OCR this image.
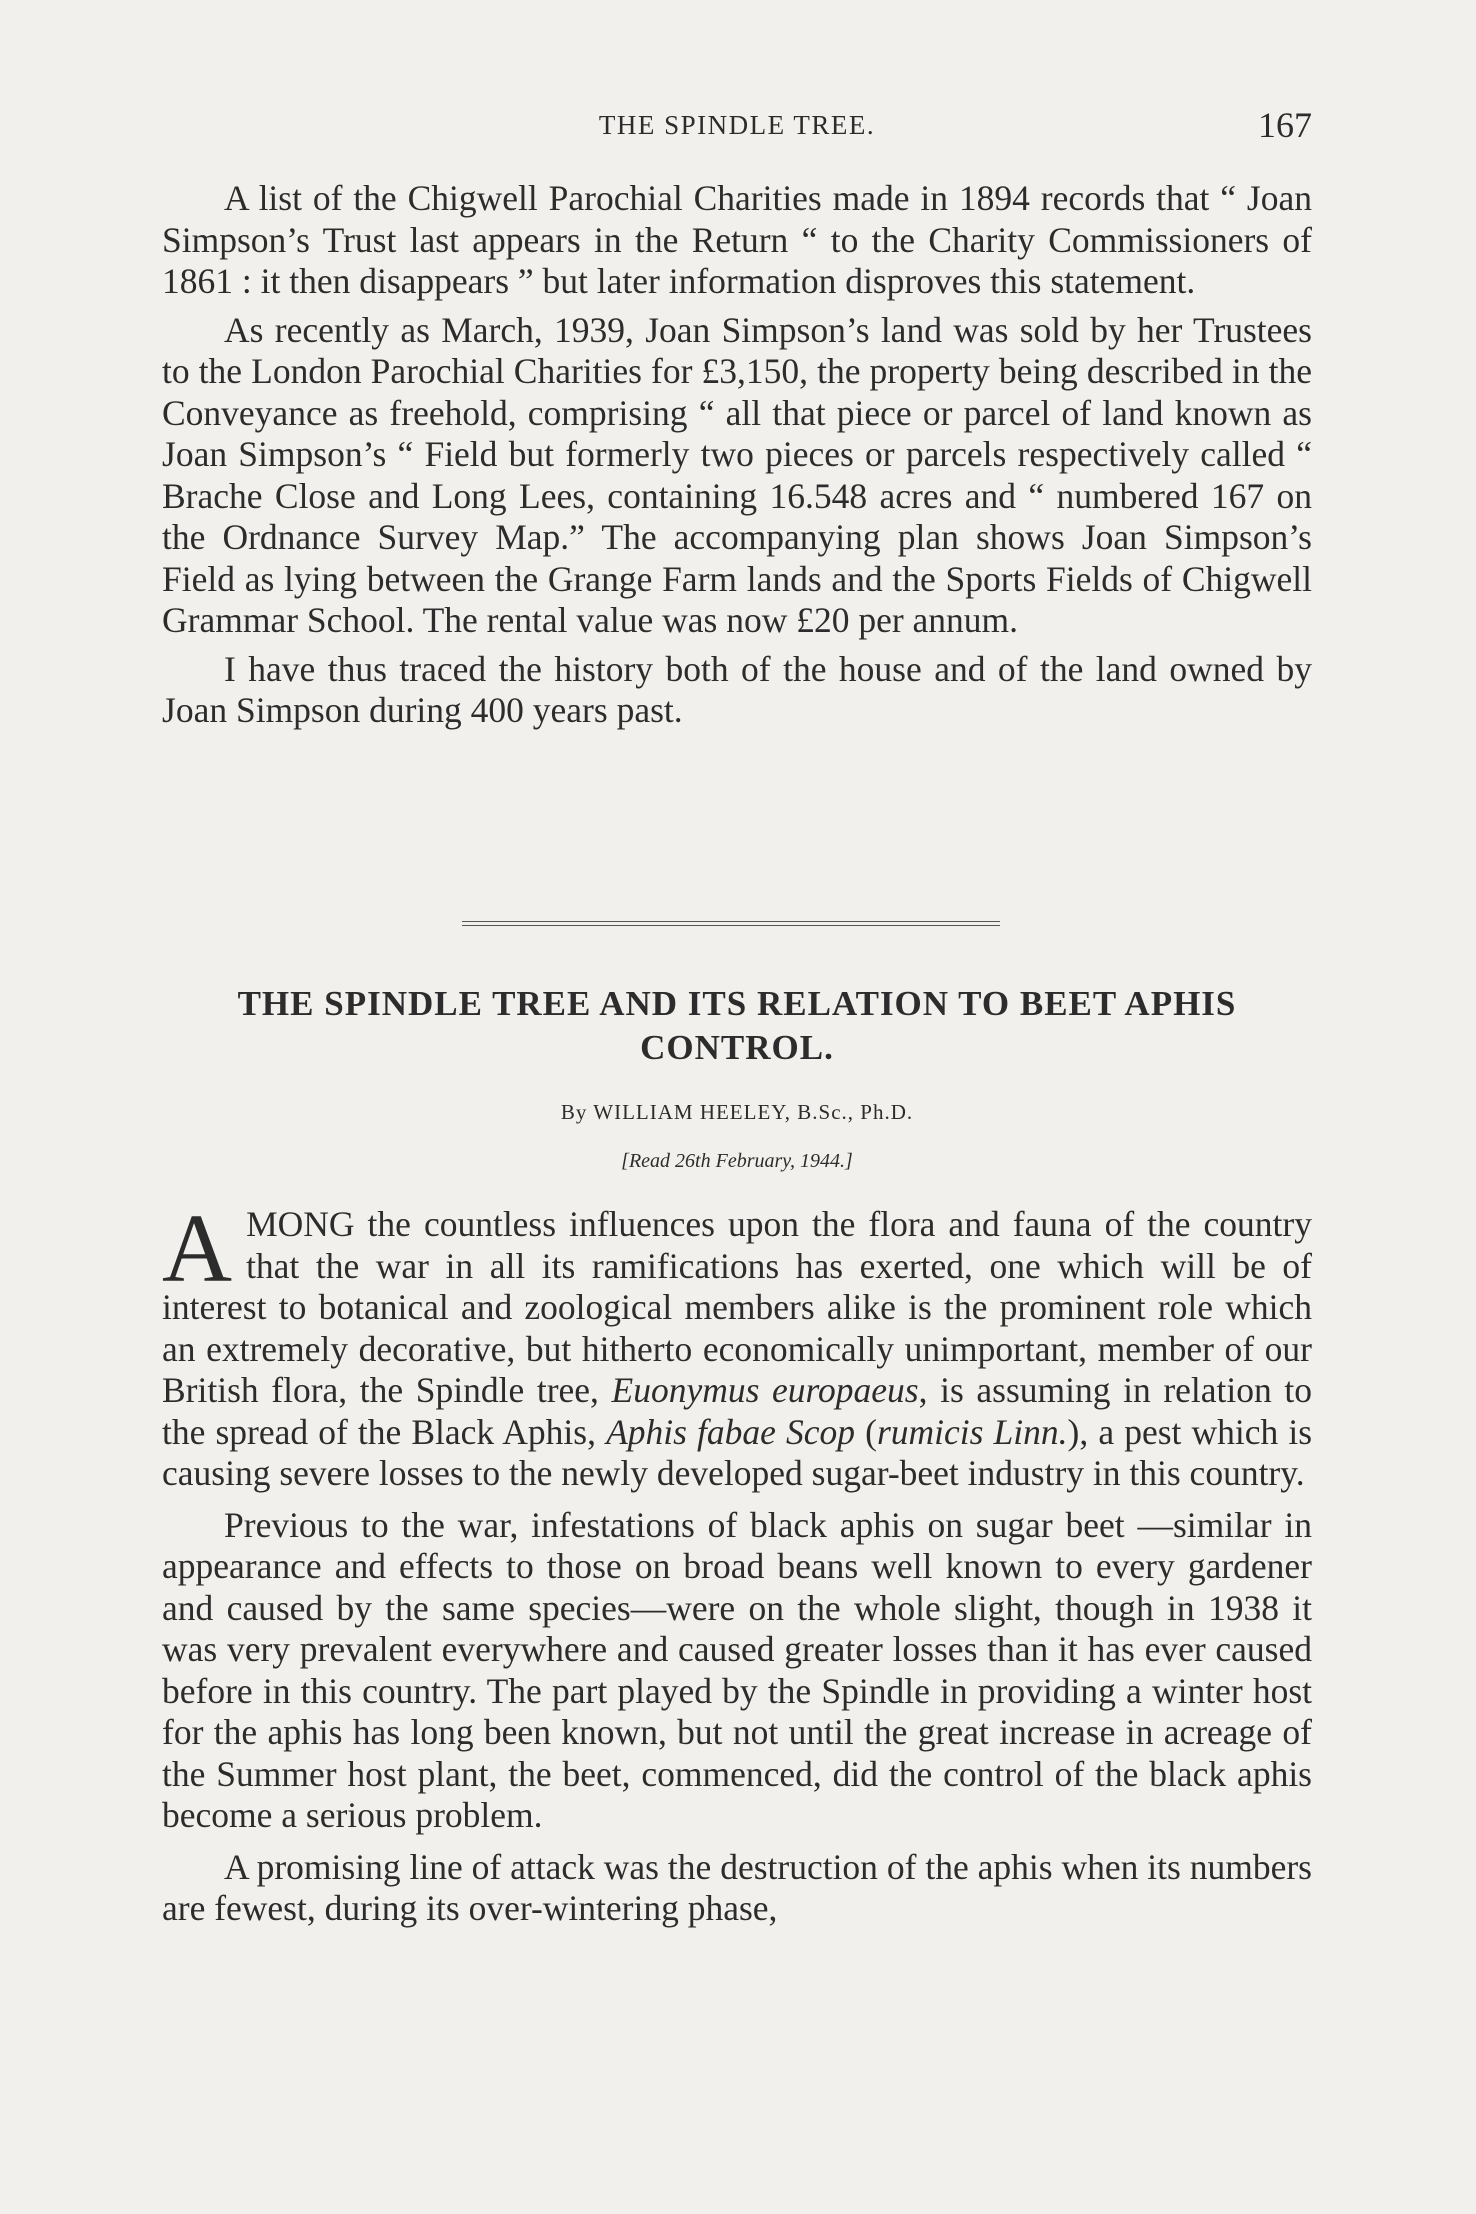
THE SPINDLE TREE.	167

A list of the Chigwell Parochial Charities made in 1894 records that “ Joan Simpson’s Trust last appears in the Return “ to the Charity Commissioners of 1861 : it then disappears ” but later information disproves this statement.

As recently as March, 1939, Joan Simpson’s land was sold by her Trustees to the London Parochial Charities for £3,150, the property being described in the Conveyance as freehold, comprising “ all that piece or parcel of land known as Joan Simpson’s “ Field but formerly two pieces or parcels respectively called “ Brache Close and Long Lees, containing 16.548 acres and “ numbered 167 on the Ordnance Survey Map.” The accompanying plan shows Joan Simpson’s Field as lying between the Grange Farm lands and the Sports Fields of Chigwell Grammar School. The rental value was now £20 per annum.

I have thus traced the history both of the house and of the land owned by Joan Simpson during 400 years past.

THE SPINDLE TREE AND ITS RELATION TO BEET APHIS CONTROL.

By WILLIAM HEELEY, B.Sc., Ph.D.

[Read 26th February, 1944.]

AMONG the countless influences upon the flora and fauna of the country that the war in all its ramifications has exerted, one which will be of interest to botanical and zoological members alike is the prominent role which an extremely decorative, but hitherto economically unimportant, member of our British flora, the Spindle tree, Euonymus europaeus, is assuming in relation to the spread of the Black Aphis, Aphis fabae Scop (rumicis Linn.), a pest which is causing severe losses to the newly developed sugar-beet industry in this country.

Previous to the war, infestations of black aphis on sugar beet —similar in appearance and effects to those on broad beans well known to every gardener and caused by the same species—were on the whole slight, though in 1938 it was very prevalent everywhere and caused greater losses than it has ever caused before in this country. The part played by the Spindle in providing a winter host for the aphis has long been known, but not until the great increase in acreage of the Summer host plant, the beet, commenced, did the control of the black aphis become a serious problem.

A promising line of attack was the destruction of the aphis when its numbers are fewest, during its over-wintering phase,
